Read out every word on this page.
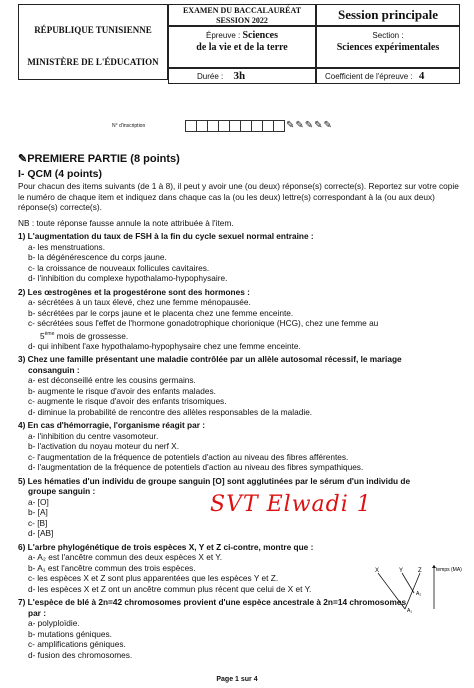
RÉPUBLIQUE TUNISIENNE
MINISTÈRE DE L'ÉDUCATION
EXAMEN DU BACCALAURÉAT
SESSION 2022	Session principale
Épreuve : Sciences
de la vie et de la terre
Section :
Sciences expérimentales
Durée : 3h	Coefficient de l'épreuve : 4
N° d'inscription	✎✎✎✎✎
✎PREMIERE PARTIE (8 points)
I- QCM (4 points)
Pour chacun des items suivants (de 1 à 8), il peut y avoir une (ou deux) réponse(s) correcte(s). Reportez sur votre copie le numéro de chaque item et indiquez dans chaque cas la (ou les deux) lettre(s) correspondant à la (ou aux deux) réponse(s) correcte(s).
NB : toute réponse fausse annule la note attribuée à l'item.
1) L'augmentation du taux de FSH à la fin du cycle sexuel normal entraine :
a- les menstruations.
b- la dégénérescence du corps jaune.
c- la croissance de nouveaux follicules cavitaires.
d- l'inhibition du complexe hypothalamo-hypophysaire.
2) Les œstrogènes et la progestérone sont des hormones :
a- sécrétées à un taux élevé, chez une femme ménopausée.
b- sécrétées par le corps jaune et le placenta chez une femme enceinte.
c- sécrétées sous l'effet de l'hormone gonadotrophique chorionique (HCG), chez une femme au
5ème mois de grossesse.
d- qui inhibent l'axe hypothalamo-hypophysaire chez une femme enceinte.
3) Chez une famille présentant une maladie contrôlée par un allèle autosomal récessif, le mariage
consanguin :
a- est déconseillé entre les cousins germains.
b- augmente le risque d'avoir des enfants malades.
c- augmente le risque d'avoir des enfants trisomiques.
d- diminue la probabilité de rencontre des allèles responsables de la maladie.
4) En cas d'hémorragie, l'organisme réagit par :
a- l'inhibition du centre vasomoteur.
b- l'activation du noyau moteur du nerf X.
c- l'augmentation de la fréquence de potentiels d'action au niveau des fibres afférentes.
d- l'augmentation de la fréquence de potentiels d'action au niveau des fibres sympathiques.
5) Les hématies d'un individu de groupe sanguin [O] sont agglutinées par le sérum d'un individu de
groupe sanguin :
a- [O]
b- [A]
c- [B]
d- [AB]
6) L'arbre phylogénétique de trois espèces X, Y et Z ci-contre, montre que :
a- A₂ est l'ancêtre commun des deux espèces X et Y.
b- A₁ est l'ancêtre commun des trois espèces.
c- les espèces X et Z sont plus apparentées que les espèces Y et Z.
d- les espèces X et Z ont un ancêtre commun plus récent que celui de X et Y.
7) L'espèce de blé à 2n=42 chromosomes provient d'une espèce ancestrale à 2n=14 chromosomes
par :
a- polyploïdie.
b- mutations géniques.
c- amplifications géniques.
d- fusion des chromosomes.
SVT Elwadi 1
X	Y Z
A₂
A₁
temps (MA)
Page 1 sur 4
